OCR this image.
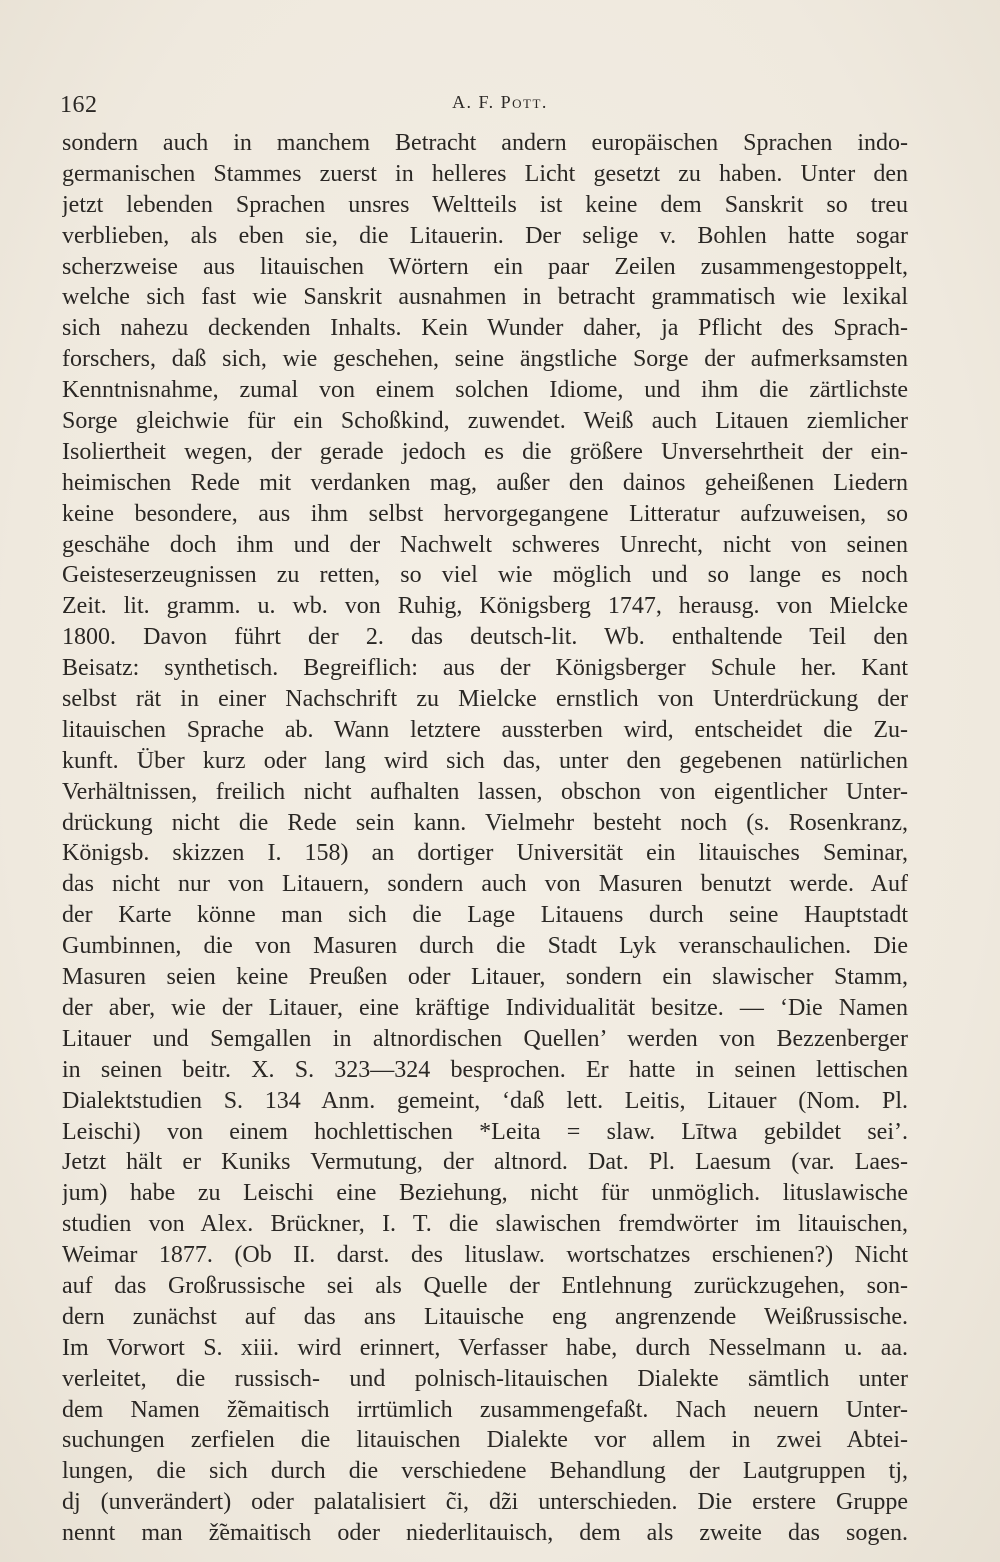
162	A. F. Pott.
sondern auch in manchem Betracht andern europäischen Sprachen indo-
germanischen Stammes zuerst in helleres Licht gesetzt zu haben. Unter den
jetzt lebenden Sprachen unsres Weltteils ist keine dem Sanskrit so treu
verblieben, als eben sie, die Litauerin. Der selige v. Bohlen hatte sogar
scherzweise aus litauischen Wörtern ein paar Zeilen zusammengestoppelt,
welche sich fast wie Sanskrit ausnahmen in betracht grammatisch wie lexikal
sich nahezu deckenden Inhalts. Kein Wunder daher, ja Pflicht des Sprach-
forschers, daß sich, wie geschehen, seine ängstliche Sorge der aufmerksamsten
Kenntnisnahme, zumal von einem solchen Idiome, und ihm die zärtlichste
Sorge gleichwie für ein Schoßkind, zuwendet. Weiß auch Litauen ziemlicher
Isoliertheit wegen, der gerade jedoch es die größere Unversehrtheit der ein-
heimischen Rede mit verdanken mag, außer den dainos geheißenen Liedern
keine besondere, aus ihm selbst hervorgegangene Litteratur aufzuweisen, so
geschähe doch ihm und der Nachwelt schweres Unrecht, nicht von seinen
Geisteserzeugnissen zu retten, so viel wie möglich und so lange es noch
Zeit. lit. gramm. u. wb. von Ruhig, Königsberg 1747, herausg. von Mielcke
1800. Davon führt der 2. das deutsch-lit. Wb. enthaltende Teil den
Beisatz: synthetisch. Begreiflich: aus der Königsberger Schule her. Kant
selbst rät in einer Nachschrift zu Mielcke ernstlich von Unterdrückung der
litauischen Sprache ab. Wann letztere aussterben wird, entscheidet die Zu-
kunft. Über kurz oder lang wird sich das, unter den gegebenen natürlichen
Verhältnissen, freilich nicht aufhalten lassen, obschon von eigentlicher Unter-
drückung nicht die Rede sein kann. Vielmehr besteht noch (s. Rosenkranz,
Königsb. skizzen I. 158) an dortiger Universität ein litauisches Seminar,
das nicht nur von Litauern, sondern auch von Masuren benutzt werde. Auf
der Karte könne man sich die Lage Litauens durch seine Hauptstadt
Gumbinnen, die von Masuren durch die Stadt Lyk veranschaulichen. Die
Masuren seien keine Preußen oder Litauer, sondern ein slawischer Stamm,
der aber, wie der Litauer, eine kräftige Individualität besitze. — ‘Die Namen
Litauer und Semgallen in altnordischen Quellen’ werden von Bezzenberger
in seinen beitr. X. S. 323—324 besprochen. Er hatte in seinen lettischen
Dialektstudien S. 134 Anm. gemeint, ‘daß lett. Leitis, Litauer (Nom. Pl.
Leischi) von einem hochlettischen *Leita = slaw. Lītwa gebildet sei’.
Jetzt hält er Kuniks Vermutung, der altnord. Dat. Pl. Laesum (var. Laes-
jum) habe zu Leischi eine Beziehung, nicht für unmöglich. lituslawische
studien von Alex. Brückner, I. T. die slawischen fremdwörter im litauischen,
Weimar 1877. (Ob II. darst. des lituslaw. wortschatzes erschienen?) Nicht
auf das Großrussische sei als Quelle der Entlehnung zurückzugehen, son-
dern zunächst auf das ans Litauische eng angrenzende Weißrussische.
Im Vorwort S. xiii. wird erinnert, Verfasser habe, durch Nesselmann u. aa.
verleitet, die russisch- und polnisch-litauischen Dialekte sämtlich unter
dem Namen ž̃emaitisch irrtümlich zusammengefaßt. Nach neuern Unter-
suchungen zerfielen die litauischen Dialekte vor allem in zwei Abtei-
lungen, die sich durch die verschiedene Behandlung der Lautgruppen tj,
dj (unverändert) oder palatalisiert c̃i, dz̃i unterschieden. Die erstere Gruppe
nennt man ž̃emaitisch oder niederlitauisch, dem als zweite das sogen.
